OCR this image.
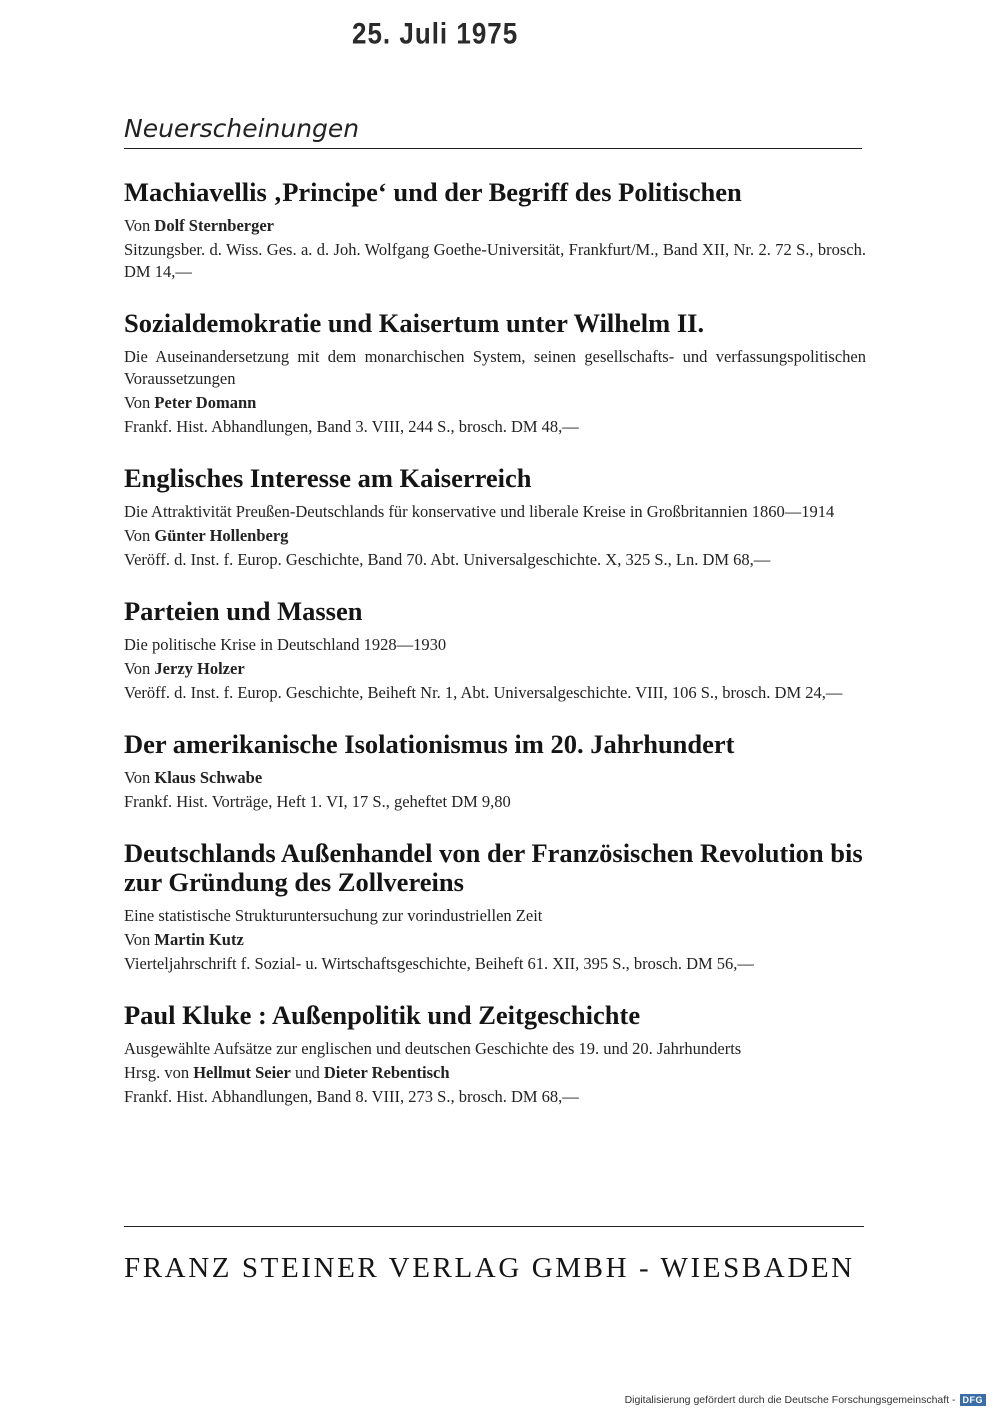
25. Juli 1975
Neuerscheinungen
Machiavellis ‚Principe‘ und der Begriff des Politischen
Von Dolf Sternberger
Sitzungsber. d. Wiss. Ges. a. d. Joh. Wolfgang Goethe-Universität, Frankfurt/M., Band XII, Nr. 2. 72 S., brosch. DM 14,—
Sozialdemokratie und Kaisertum unter Wilhelm II.
Die Auseinandersetzung mit dem monarchischen System, seinen gesellschafts- und verfassungspolitischen Voraussetzungen
Von Peter Domann
Frankf. Hist. Abhandlungen, Band 3. VIII, 244 S., brosch. DM 48,—
Englisches Interesse am Kaiserreich
Die Attraktivität Preußen-Deutschlands für konservative und liberale Kreise in Großbritannien 1860—1914
Von Günter Hollenberg
Veröff. d. Inst. f. Europ. Geschichte, Band 70. Abt. Universalgeschichte. X, 325 S., Ln. DM 68,—
Parteien und Massen
Die politische Krise in Deutschland 1928—1930
Von Jerzy Holzer
Veröff. d. Inst. f. Europ. Geschichte, Beiheft Nr. 1, Abt. Universalgeschichte. VIII, 106 S., brosch. DM 24,—
Der amerikanische Isolationismus im 20. Jahrhundert
Von Klaus Schwabe
Frankf. Hist. Vorträge, Heft 1. VI, 17 S., geheftet DM 9,80
Deutschlands Außenhandel von der Französischen Revolution bis zur Gründung des Zollvereins
Eine statistische Strukturuntersuchung zur vorindustriellen Zeit
Von Martin Kutz
Vierteljahrschrift f. Sozial- u. Wirtschaftsgeschichte, Beiheft 61. XII, 395 S., brosch. DM 56,—
Paul Kluke : Außenpolitik und Zeitgeschichte
Ausgewählte Aufsätze zur englischen und deutschen Geschichte des 19. und 20. Jahrhunderts
Hrsg. von Hellmut Seier und Dieter Rebentisch
Frankf. Hist. Abhandlungen, Band 8. VIII, 273 S., brosch. DM 68,—
FRANZ STEINER VERLAG GMBH - WIESBADEN
Digitalisierung gefördert durch die Deutsche Forschungsgemeinschaft - DFG
